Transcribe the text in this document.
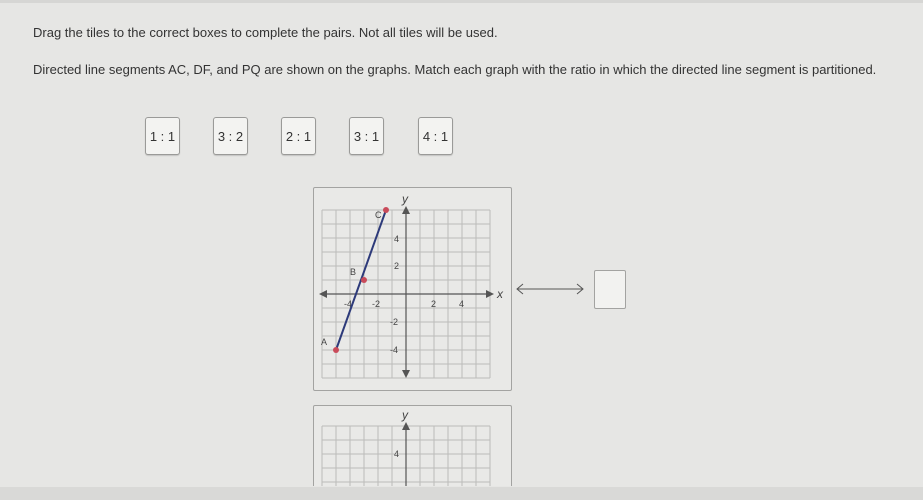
Drag the tiles to the correct boxes to complete the pairs. Not all tiles will be used.
Directed line segments AC, DF, and PQ are shown on the graphs. Match each graph with the ratio in which the directed line segment is partitioned.
1 : 1	3 : 2	2 : 1	3 : 1	4 : 1
x
y
-4 -2	2	4
4
2
-2
-4
A
B
C
y
4
